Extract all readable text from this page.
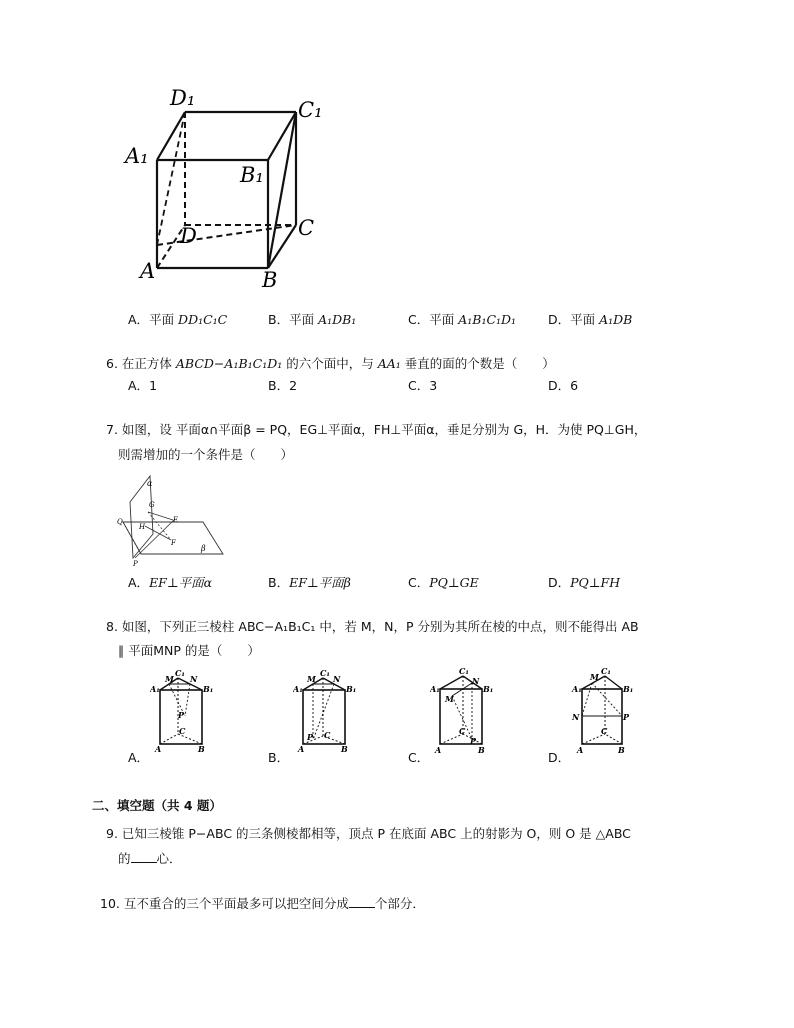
D₁	C₁
A₁
B₁
D	C
A	B
A．平面 DD₁C₁C	B．平面 A₁DB₁	C．平面 A₁B₁C₁D₁	D．平面 A₁DB
6. 在正方体 ABCD−A₁B₁C₁D₁ 的六个面中，与 AA₁ 垂直的面的个数是（　　）
A．1	B．2	C．3	D．6
7. 如图，设 平面α∩平面β = PQ，EG⊥平面α，FH⊥平面α，垂足分别为 G，H．为使 PQ⊥GH，
则需增加的一个条件是（　　）
α
Q
G
E
H
F
P
β
A．EF⊥平面α	B．EF⊥平面β	C．PQ⊥GE	D．PQ⊥FH
8. 如图，下列正三棱柱 ABC−A₁B₁C₁ 中，若 M，N，P 分别为其所在棱的中点，则不能得出 AB
∥ 平面MNP 的是（　　）
C₁
M N
A₁	B₁
P
C
A	B
C₁
M N
A₁	B₁
P C
A	B
C₁
N
A₁	B₁
M
C
P
A	B
C₁
M
A₁	B₁
N	P
C
A	B
A．	B．	C．	D．
二、填空题（共 4 题）
9. 已知三棱锥 P−ABC 的三条侧棱都相等，顶点 P 在底面 ABC 上的射影为 O，则 O 是 △ABC
的 心．
10. 互不重合的三个平面最多可以把空间分成 个部分．
